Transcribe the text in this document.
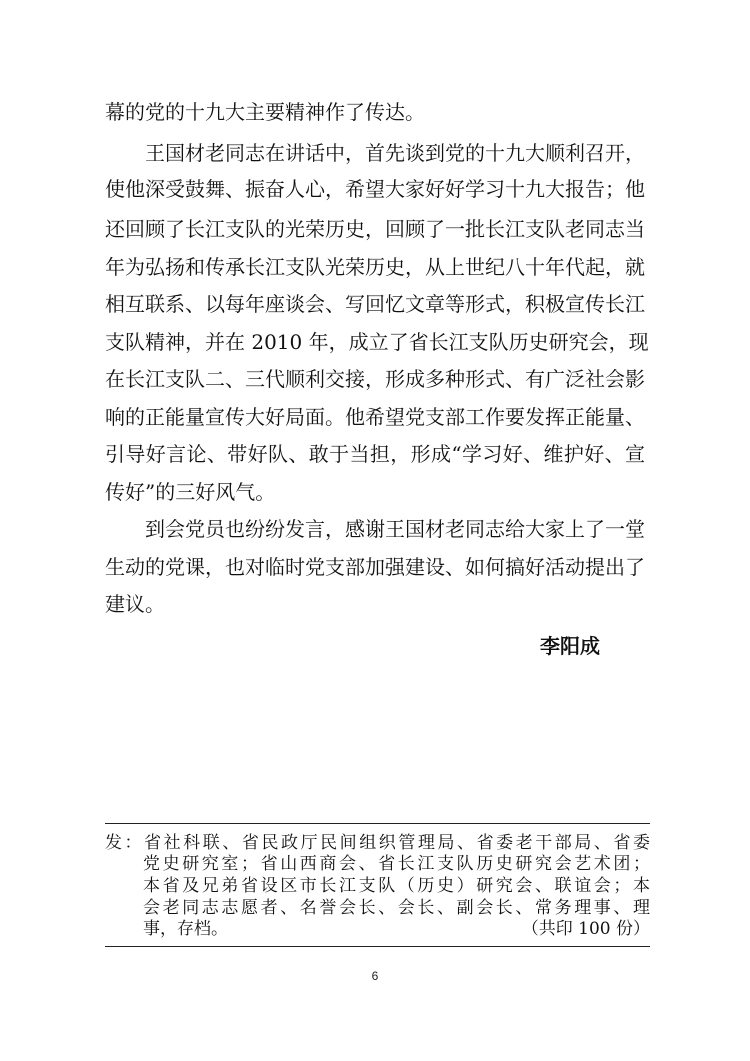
幕的党的十九大主要精神作了传达。
王国材老同志在讲话中，首先谈到党的十九大顺利召开，
使他深受鼓舞、振奋人心，希望大家好好学习十九大报告；他
还回顾了长江支队的光荣历史，回顾了一批长江支队老同志当
年为弘扬和传承长江支队光荣历史，从上世纪八十年代起，就
相互联系、以每年座谈会、写回忆文章等形式，积极宣传长江
支队精神，并在 2010 年，成立了省长江支队历史研究会，现
在长江支队二、三代顺利交接，形成多种形式、有广泛社会影
响的正能量宣传大好局面。他希望党支部工作要发挥正能量、
引导好言论、带好队、敢于当担，形成“学习好、维护好、宣
传好”的三好风气。
到会党员也纷纷发言，感谢王国材老同志给大家上了一堂
生动的党课，也对临时党支部加强建设、如何搞好活动提出了
建议。
李阳成
发：省社科联、省民政厅民间组织管理局、省委老干部局、省委
党史研究室；省山西商会、省长江支队历史研究会艺术团；
本省及兄弟省设区市长江支队（历史）研究会、联谊会；本
会老同志志愿者、名誉会长、会长、副会长、常务理事、理
事，存档。	（共印 100 份）
6
